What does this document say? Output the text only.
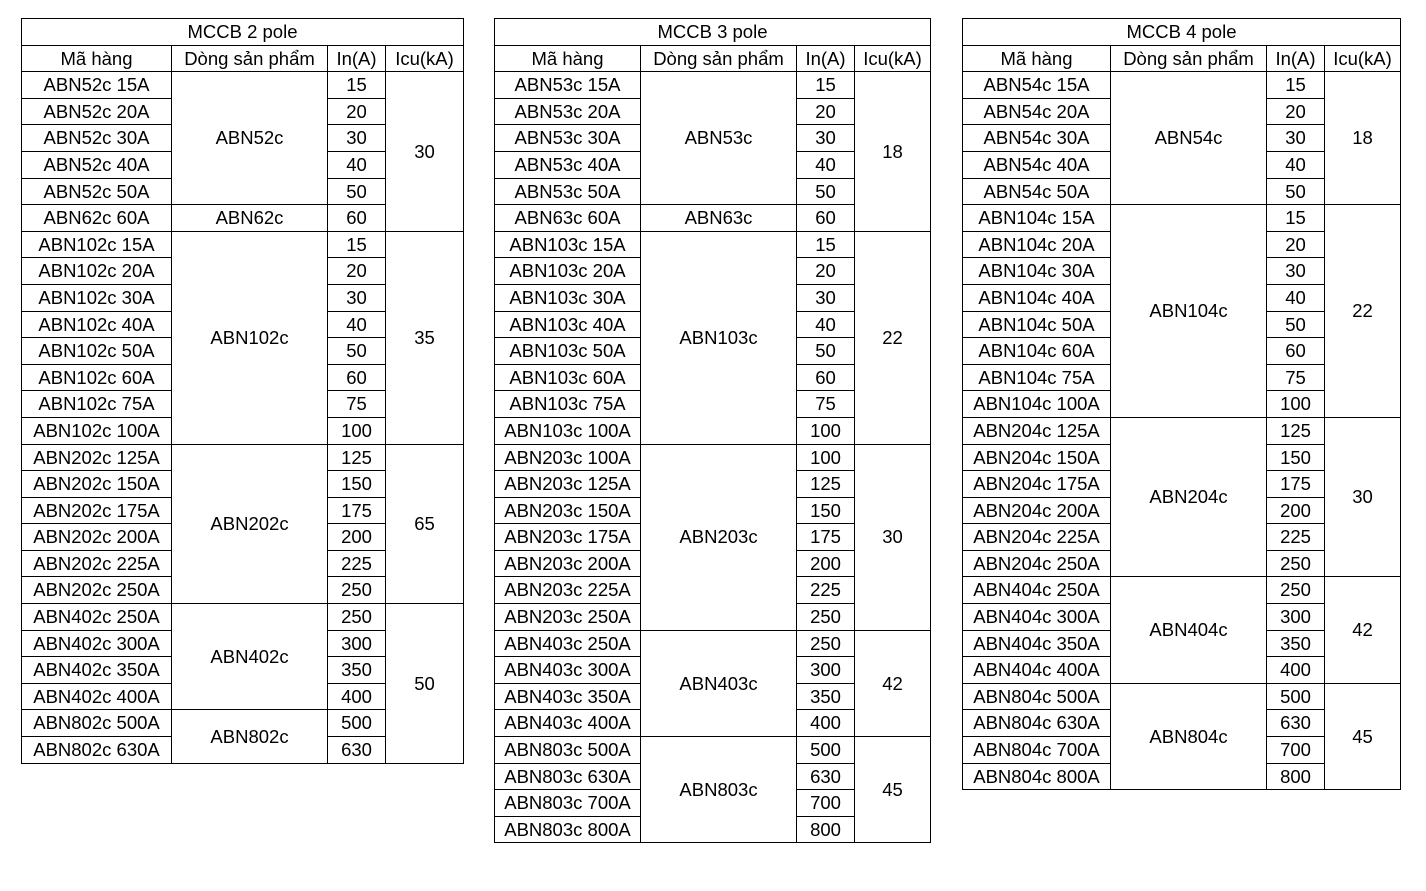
MCCB 2 pole			
Mã hàng	Dòng sản phẩm	In(A)	Icu(kA)
ABN52c 15A	ABN52c	15	30
ABN52c 20A		20	
ABN52c 30A		30	
ABN52c 40A		40	
ABN52c 50A		50	
ABN62c 60A	ABN62c	60	
ABN102c 15A	ABN102c	15	35
ABN102c 20A		20	
ABN102c 30A		30	
ABN102c 40A		40	
ABN102c 50A		50	
ABN102c 60A		60	
ABN102c 75A		75	
ABN102c 100A		100	
ABN202c 125A	ABN202c	125	65
ABN202c 150A		150	
ABN202c 175A		175	
ABN202c 200A		200	
ABN202c 225A		225	
ABN202c 250A		250	
ABN402c 250A	ABN402c	250	50
ABN402c 300A		300	
ABN402c 350A		350	
ABN402c 400A		400	
ABN802c 500A	ABN802c	500	
ABN802c 630A		630	
MCCB 3 pole			
Mã hàng	Dòng sản phẩm	In(A)	Icu(kA)
ABN53c 15A	ABN53c	15	18
ABN53c 20A		20	
ABN53c 30A		30	
ABN53c 40A		40	
ABN53c 50A		50	
ABN63c 60A	ABN63c	60	
ABN103c 15A	ABN103c	15	22
ABN103c 20A		20	
ABN103c 30A		30	
ABN103c 40A		40	
ABN103c 50A		50	
ABN103c 60A		60	
ABN103c 75A		75	
ABN103c 100A		100	
ABN203c 100A	ABN203c	100	30
ABN203c 125A		125	
ABN203c 150A		150	
ABN203c 175A		175	
ABN203c 200A		200	
ABN203c 225A		225	
ABN203c 250A		250	
ABN403c 250A	ABN403c	250	42
ABN403c 300A		300	
ABN403c 350A		350	
ABN403c 400A		400	
ABN803c 500A	ABN803c	500	45
ABN803c 630A		630	
ABN803c 700A		700	
ABN803c 800A		800	
MCCB 4 pole			
Mã hàng	Dòng sản phẩm	In(A)	Icu(kA)
ABN54c 15A	ABN54c	15	18
ABN54c 20A		20	
ABN54c 30A		30	
ABN54c 40A		40	
ABN54c 50A		50	
ABN104c 15A	ABN104c	15	22
ABN104c 20A		20	
ABN104c 30A		30	
ABN104c 40A		40	
ABN104c 50A		50	
ABN104c 60A		60	
ABN104c 75A		75	
ABN104c 100A		100	
ABN204c 125A	ABN204c	125	30
ABN204c 150A		150	
ABN204c 175A		175	
ABN204c 200A		200	
ABN204c 225A		225	
ABN204c 250A		250	
ABN404c 250A	ABN404c	250	42
ABN404c 300A		300	
ABN404c 350A		350	
ABN404c 400A		400	
ABN804c 500A	ABN804c	500	45
ABN804c 630A		630	
ABN804c 700A		700	
ABN804c 800A		800	
